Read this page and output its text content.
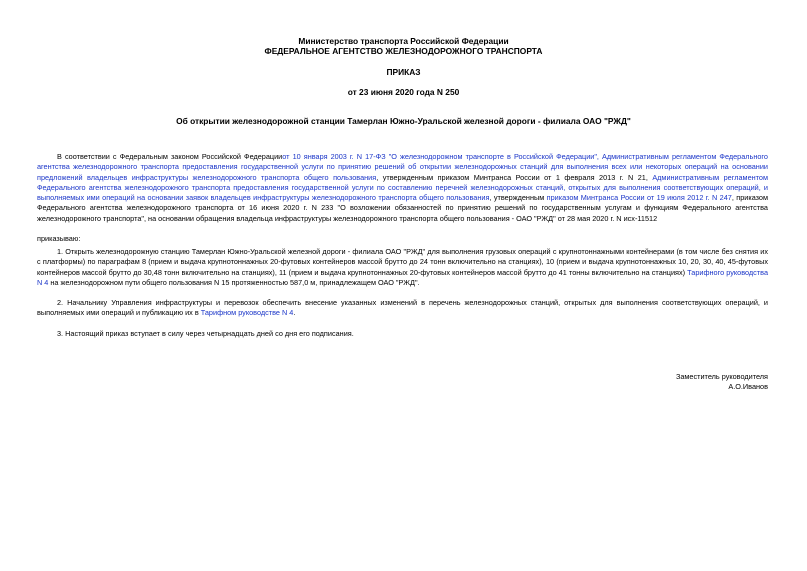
Министерство транспорта Российской Федерации
ФЕДЕРАЛЬНОЕ АГЕНТСТВО ЖЕЛЕЗНОДОРОЖНОГО ТРАНСПОРТА
ПРИКАЗ
от 23 июня 2020 года N 250
Об открытии железнодорожной станции Тамерлан Южно-Уральской железной дороги - филиала ОАО "РЖД"
В соответствии с Федеральным законом Российской Федерацииот 10 января 2003 г. N 17-ФЗ "О железнодорожном транспорте в Российской Федерации", Административным регламентом Федерального агентства железнодорожного транспорта предоставления государственной услуги по принятию решений об открытии железнодорожных станций для выполнения всех или некоторых операций на основании предложений владельцев инфраструктуры железнодорожного транспорта общего пользования, утвержденным приказом Минтранса России от 1 февраля 2013 г. N 21, Административным регламентом Федерального агентства железнодорожного транспорта предоставления государственной услуги по составлению перечней железнодорожных станций, открытых для выполнения соответствующих операций, и выполняемых ими операций на основании заявок владельцев инфраструктуры железнодорожного транспорта общего пользования, утвержденным приказом Минтранса России от 19 июля 2012 г. N 247, приказом Федерального агентства железнодорожного транспорта от 16 июня 2020 г. N 233 "О возложении обязанностей по принятию решений по государственным услугам и функциям Федерального агентства железнодорожного транспорта", на основании обращения владельца инфраструктуры железнодорожного транспорта общего пользования - ОАО "РЖД" от 28 мая 2020 г. N исх-11512
приказываю:
1. Открыть железнодорожную станцию Тамерлан Южно-Уральской железной дороги - филиала ОАО "РЖД" для выполнения грузовых операций с крупнотоннажными контейнерами (в том числе без снятия их с платформы) по параграфам 8 (прием и выдача крупнотоннажных 20-футовых контейнеров массой брутто до 24 тонн включительно на станциях), 10 (прием и выдача крупнотоннажных 10, 20, 30, 40, 45-футовых контейнеров массой брутто до 30,48 тонн включительно на станциях), 11 (прием и выдача крупнотоннажных 20-футовых контейнеров массой брутто до 41 тонны включительно на станциях) Тарифного руководства N 4 на железнодорожном пути общего пользования N 15 протяженностью 587,0 м, принадлежащем ОАО "РЖД".
2. Начальнику Управления инфраструктуры и перевозок обеспечить внесение указанных изменений в перечень железнодорожных станций, открытых для выполнения соответствующих операций, и выполняемых ими операций и публикацию их в Тарифном руководстве N 4.
3. Настоящий приказ вступает в силу через четырнадцать дней со дня его подписания.
Заместитель руководителя
А.О.Иванов
